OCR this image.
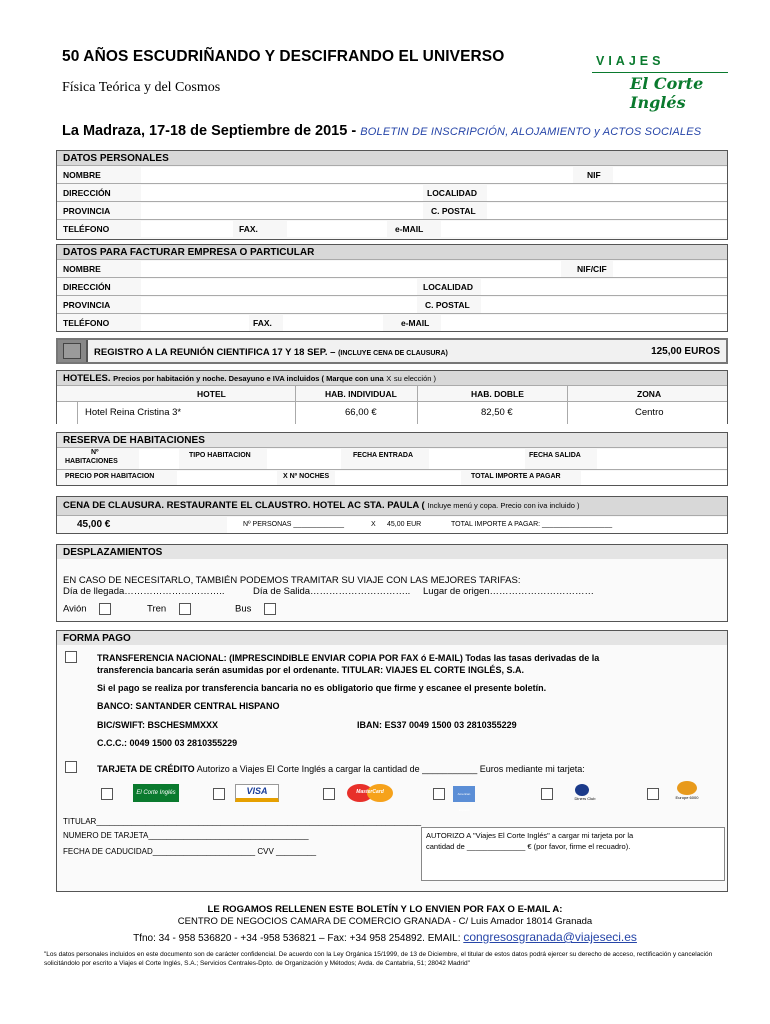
50 AÑOS ESCUDRIÑANDO Y DESCIFRANDO EL UNIVERSO
Física Teórica y del Cosmos
VIAJES
El Corte Inglés
La Madraza, 17-18 de Septiembre de 2015 - BOLETIN DE INSCRIPCIÓN, ALOJAMIENTO y ACTOS SOCIALES
DATOS PERSONALES
NOMBRE	NIF
DIRECCIÓN	LOCALIDAD
PROVINCIA	C. POSTAL
TELÉFONO	FAX.	e-MAIL
DATOS PARA FACTURAR EMPRESA O PARTICULAR
NOMBRE	NIF/CIF
DIRECCIÓN	LOCALIDAD
PROVINCIA	C. POSTAL
TELÉFONO	FAX.	e-MAIL
REGISTRO A LA REUNIÓN CIENTIFICA 17 Y 18 SEP. – (INCLUYE CENA DE CLAUSURA)	125,00 EUROS
HOTELES. Precios por habitación y noche. Desayuno e IVA incluidos ( Marque con una X su elección )
HOTEL	HAB. INDIVIDUAL	HAB. DOBLE	ZONA
Hotel Reina Cristina 3*	66,00 €	82,50 €	Centro
RESERVA DE HABITACIONES
Nº
HABITACIONES
TIPO HABITACION	FECHA ENTRADA	FECHA SALIDA
PRECIO POR HABITACION	X Nº NOCHES	TOTAL IMPORTE A PAGAR
CENA DE CLAUSURA. RESTAURANTE EL CLAUSTRO. HOTEL AC STA. PAULA ( Incluye menú y copa. Precio con iva incluido )
45,00 €	Nº PERSONAS _____________	X 45,00 EUR	TOTAL IMPORTE A PAGAR: __________________
DESPLAZAMIENTOS
EN CASO DE NECESITARLO, TAMBIÉN PODEMOS TRAMITAR SU VIAJE CON LAS MEJORES TARIFAS:
Día de llegada…………………………..	Día de Salida………………………….. Lugar de origen……………………………
Avión	Tren	Bus
FORMA PAGO
TRANSFERENCIA NACIONAL: (IMPRESCINDIBLE ENVIAR COPIA POR FAX ó E-MAIL) Todas las tasas derivadas de la
transferencia bancaria serán asumidas por el ordenante. TITULAR: VIAJES EL CORTE INGLÉS, S.A.
Si el pago se realiza por transferencia bancaria no es obligatorio que firme y escanee el presente boletín.
BANCO: SANTANDER CENTRAL HISPANO
BIC/SWIFT: BSCHESMMXXX	IBAN: ES37 0049 1500 03 2810355229
C.C.C.: 0049 1500 03 2810355229
TARJETA DE CRÉDITO Autorizo a Viajes El Corte Inglés a cargar la cantidad de ___________ Euros mediante mi tarjeta:
El Corte Inglés	VISA	MasterCard	American Express
Diners Club	Europe 6000
TITULAR_________________________________________________________________________
NUMERO DE TARJETA____________________________________
FECHA DE CADUCIDAD_______________________ CVV _________
AUTORIZO A "Viajes El Corte Inglés" a cargar mi tarjeta por la
cantidad de ______________ € (por favor, firme el recuadro).
LE ROGAMOS RELLENEN ESTE BOLETÍN Y LO ENVIEN POR FAX O E-MAIL A:
CENTRO DE NEGOCIOS CAMARA DE COMERCIO GRANADA - C/ Luis Amador 18014 Granada
Tfno: 34 - 958 536820 - +34 -958 536821 – Fax: +34 958 254892. EMAIL: congresosgranada@viajeseci.es
"Los datos personales incluidos en este documento son de carácter confidencial. De acuerdo con la Ley Orgánica 15/1999, de 13 de Diciembre, el titular de estos datos podrá ejercer su derecho de acceso, rectificación y cancelación solicitándolo por escrito a Viajes el Corte Inglés, S.A.; Servicios Centrales-Dpto. de Organización y Métodos; Avda. de Cantabria, 51; 28042 Madrid"
